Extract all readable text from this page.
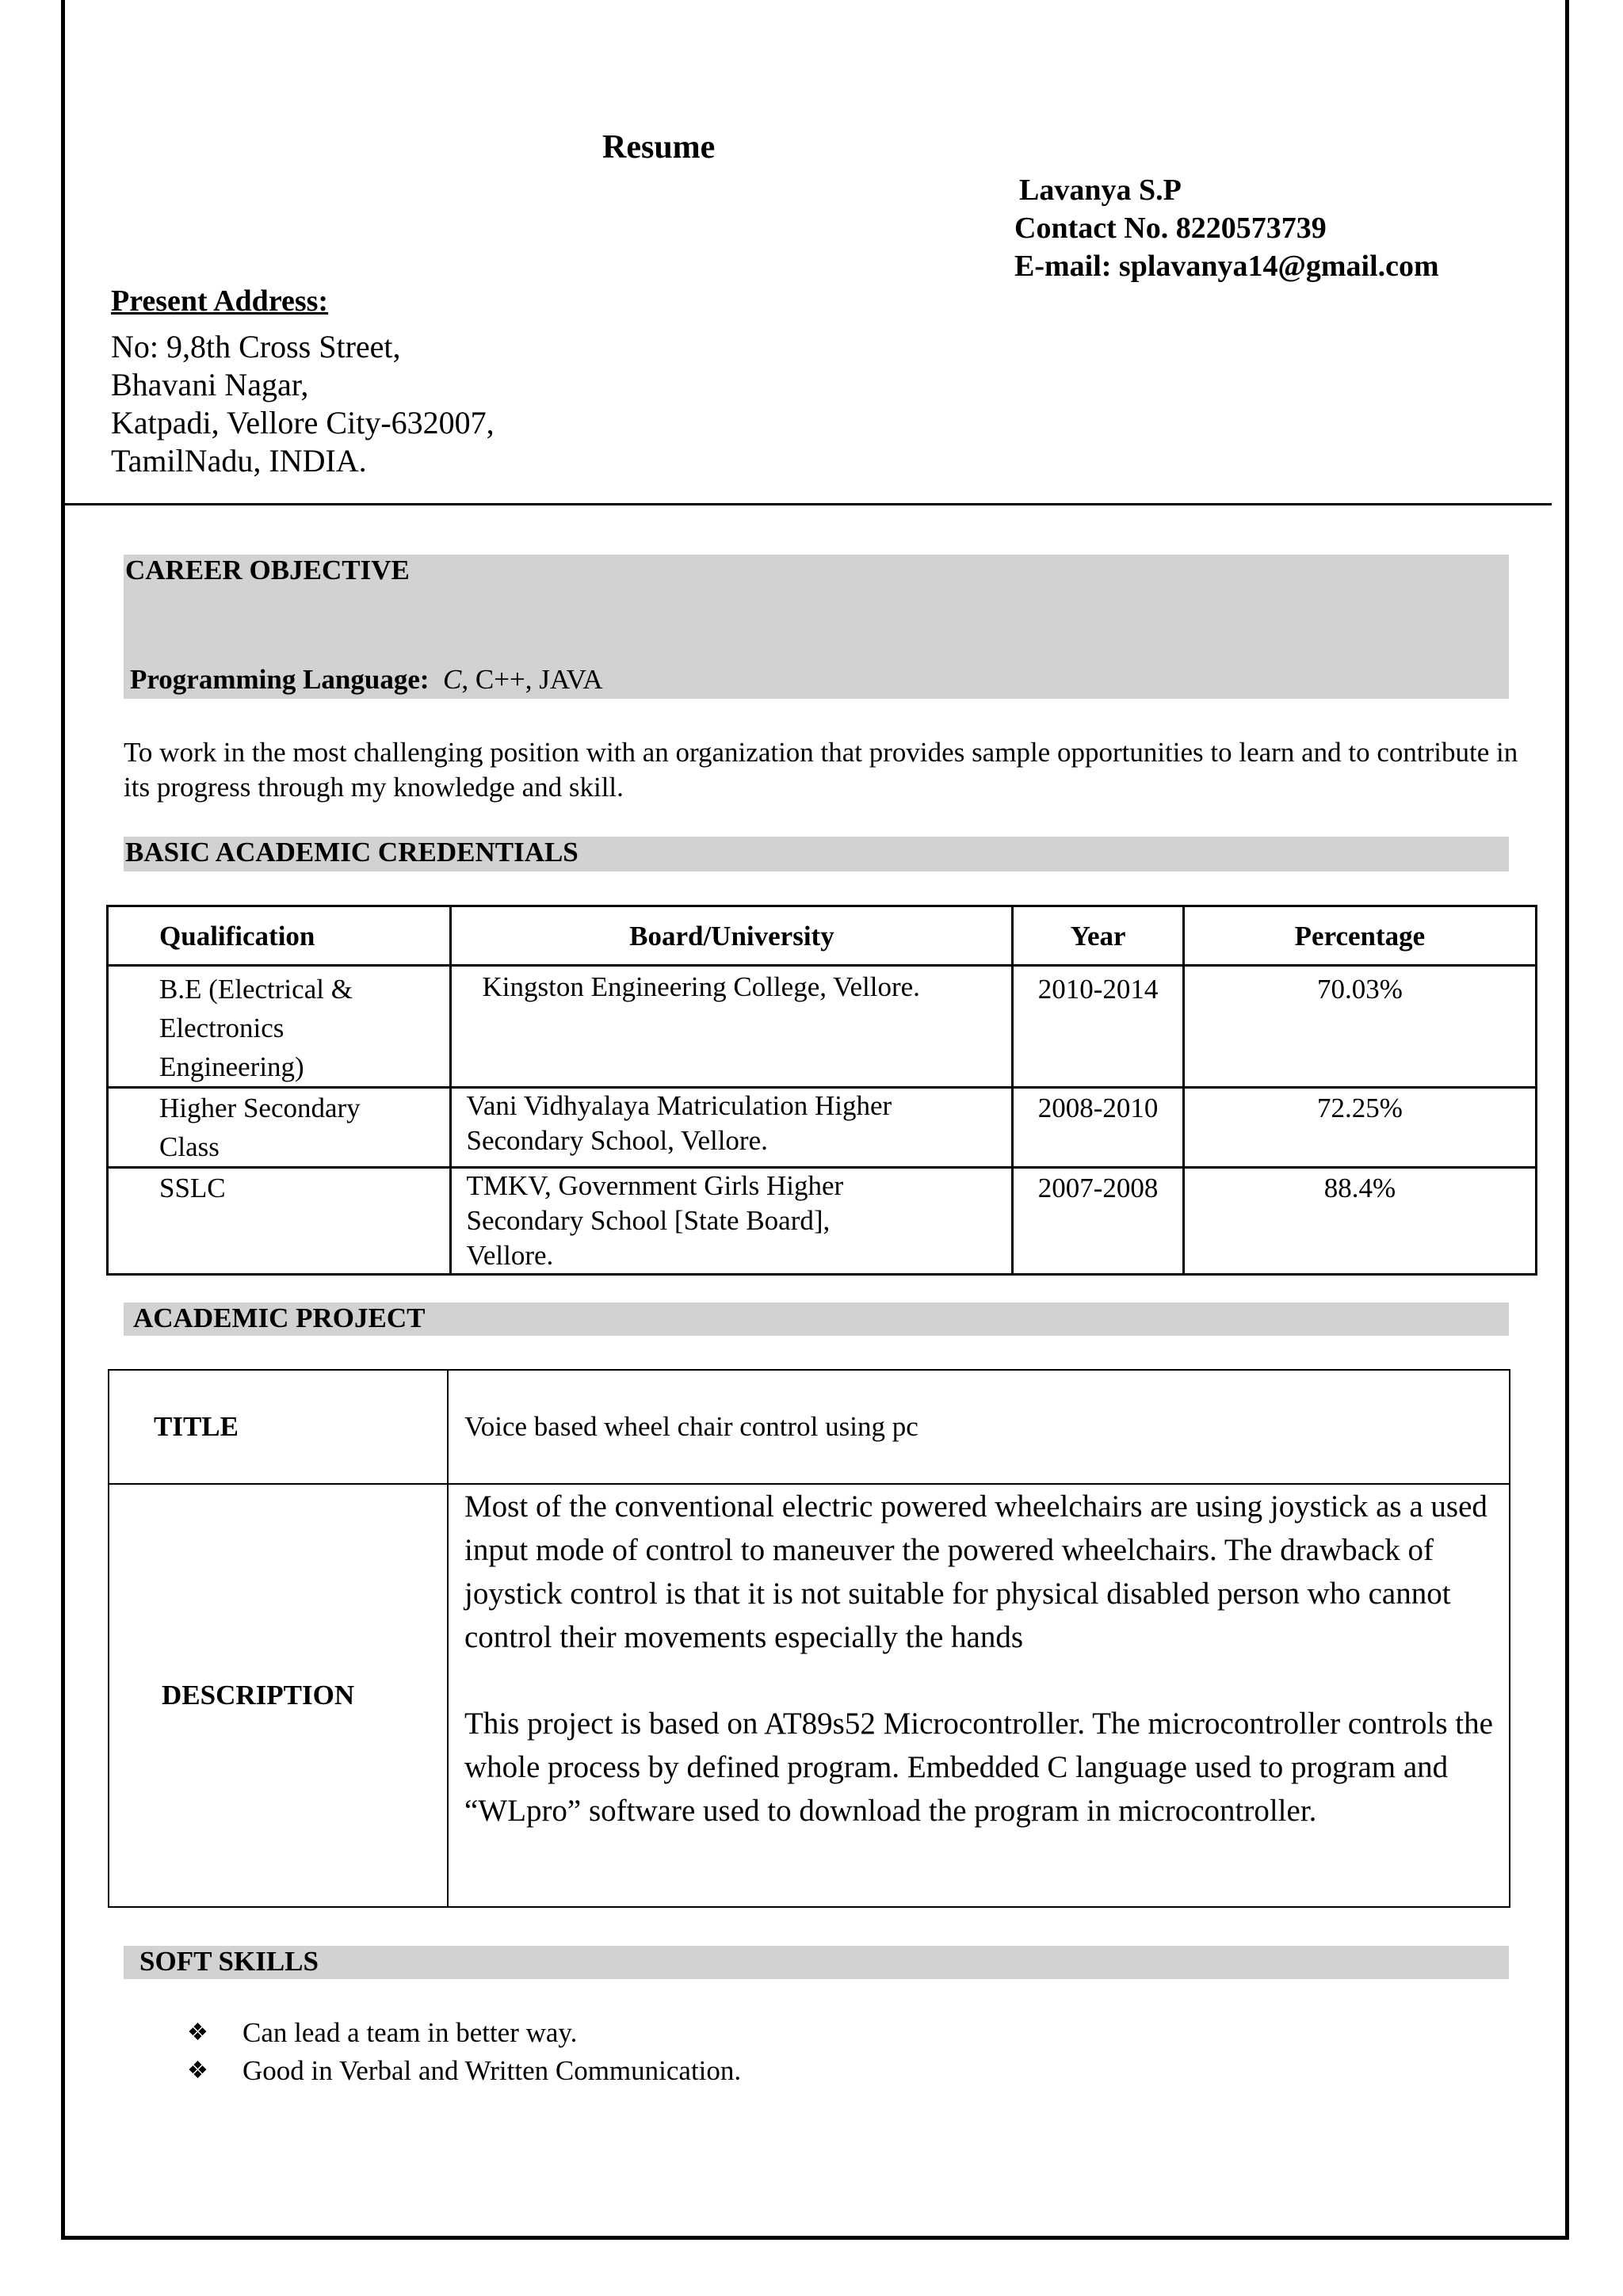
Resume
Lavanya S.P
Contact No. 8220573739
E-mail: splavanya14@gmail.com
Present Address:
No: 9,8th Cross Street,
Bhavani Nagar,
Katpadi, Vellore City-632007,
TamilNadu, INDIA.
CAREER OBJECTIVE
Programming Language: C, C++, JAVA
To work in the most challenging position with an organization that provides sample opportunities to learn and to contribute in its progress through my knowledge and skill.
BASIC ACADEMIC CREDENTIALS
Qualification	Board/University	Year	Percentage
B.E (Electrical & Electronics Engineering)	Kingston Engineering College, Vellore.	2010-2014	70.03%
Higher Secondary Class	Vani Vidhyalaya Matriculation Higher Secondary School, Vellore.	2008-2010	72.25%
SSLC	TMKV, Government Girls Higher Secondary School [State Board], Vellore.	2007-2008	88.4%
ACADEMIC PROJECT
TITLE	Voice based wheel chair control using pc
DESCRIPTION	Most of the conventional electric powered wheelchairs are using joystick as a used input mode of control to maneuver the powered wheelchairs. The drawback of joystick control is that it is not suitable for physical disabled person who cannot control their movements especially the hands
This project is based on AT89s52 Microcontroller. The microcontroller controls the whole process by defined program. Embedded C language used to program and “WLpro” software used to download the program in microcontroller.
SOFT SKILLS
❖ Can lead a team in better way.
❖ Good in Verbal and Written Communication.
